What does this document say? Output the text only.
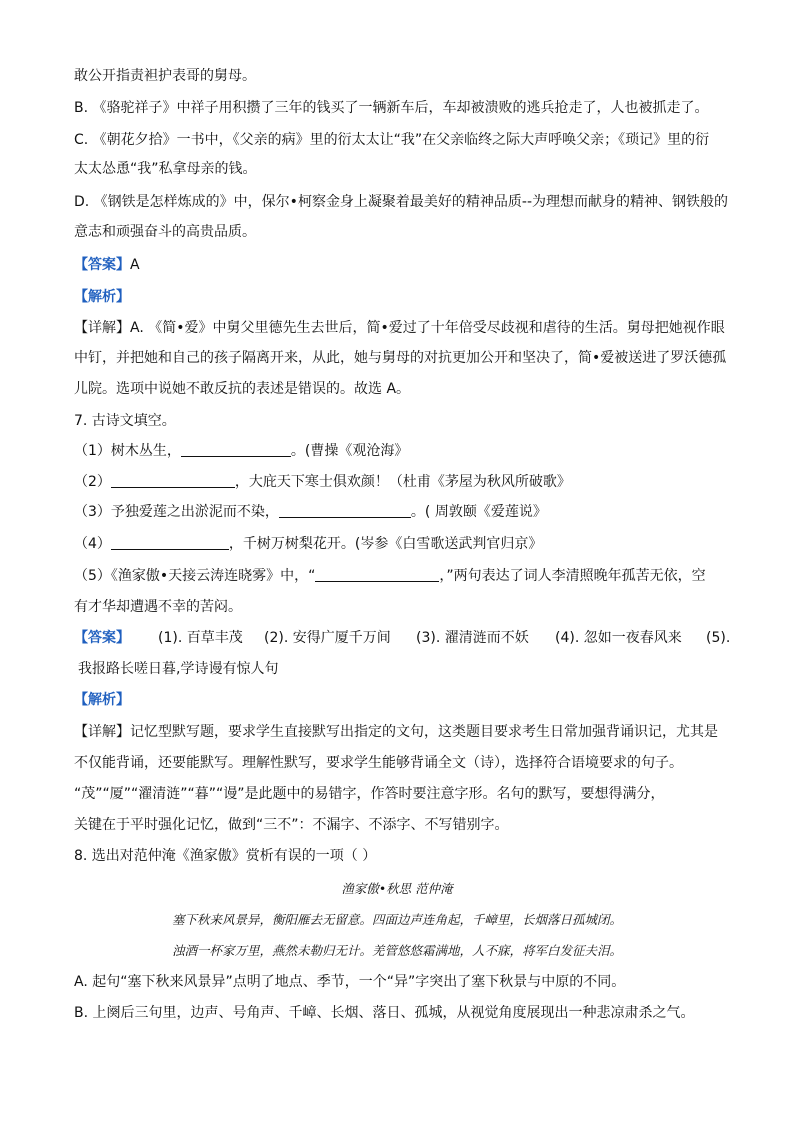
敢公开指责袒护表哥的舅母。
B. 《骆驼祥子》中祥子用积攒了三年的钱买了一辆新车后，车却被溃败的逃兵抢走了，人也被抓走了。
C. 《朝花夕拾》一书中，《父亲的病》里的衍太太让“我”在父亲临终之际大声呼唤父亲；《琐记》里的衍
太太怂恿“我”私拿母亲的钱。
D. 《钢铁是怎样炼成的》中，保尔•柯察金身上凝聚着最美好的精神品质--为理想而献身的精神、钢铁般的
意志和顽强奋斗的高贵品质。
【答案】A
【解析】
【详解】A. 《简•爱》中舅父里德先生去世后，简•爱过了十年倍受尽歧视和虐待的生活。舅母把她视作眼
中钉，并把她和自己的孩子隔离开来，从此，她与舅母的对抗更加公开和坚决了，简•爱被送进了罗沃德孤
儿院。选项中说她不敢反抗的表述是错误的。故选 A。
7. 古诗文填空。
（1）树木丛生，	。(曹操《观沧海》
（2）	，大庇天下寒士俱欢颜！（杜甫《茅屋为秋风所破歌》
（3）予独爱莲之出淤泥而不染，	。( 周敦颐《爱莲说》
（4）	，千树万树梨花开。(岑参《白雪歌送武判官归京》
（5）《渔家傲•天接云涛连晓雾》中，“	，”两句表达了词人李清照晚年孤苦无依，空
有才华却遭遇不幸的苦闷。
【答案】 (1). 百草丰茂 (2). 安得广厦千万间 (3). 濯清涟而不妖 (4). 忽如一夜春风来 (5).
我报路长嗟日暮,学诗谩有惊人句
【解析】
【详解】记忆型默写题，要求学生直接默写出指定的文句，这类题目要求考生日常加强背诵识记，尤其是
不仅能背诵，还要能默写。理解性默写，要求学生能够背诵全文（诗），选择符合语境要求的句子。
“茂”“厦”“濯清涟”“暮”“谩”是此题中的易错字，作答时要注意字形。名句的默写，要想得满分，
关键在于平时强化记忆，做到“三不”：不漏字、不添字、不写错别字。
8. 选出对范仲淹《渔家傲》赏析有误的一项（ ）
渔家傲•秋思 范仲淹
塞下秋来风景异，衡阳雁去无留意。四面边声连角起，千嶂里，长烟落日孤城闭。
浊酒一杯家万里，燕然未勒归无计。羌管悠悠霜满地，人不寐，将军白发征夫泪。
A. 起句“塞下秋来风景异”点明了地点、季节，一个“异”字突出了塞下秋景与中原的不同。
B. 上阕后三句里，边声、号角声、千嶂、长烟、落日、孤城，从视觉角度展现出一种悲凉肃杀之气。
